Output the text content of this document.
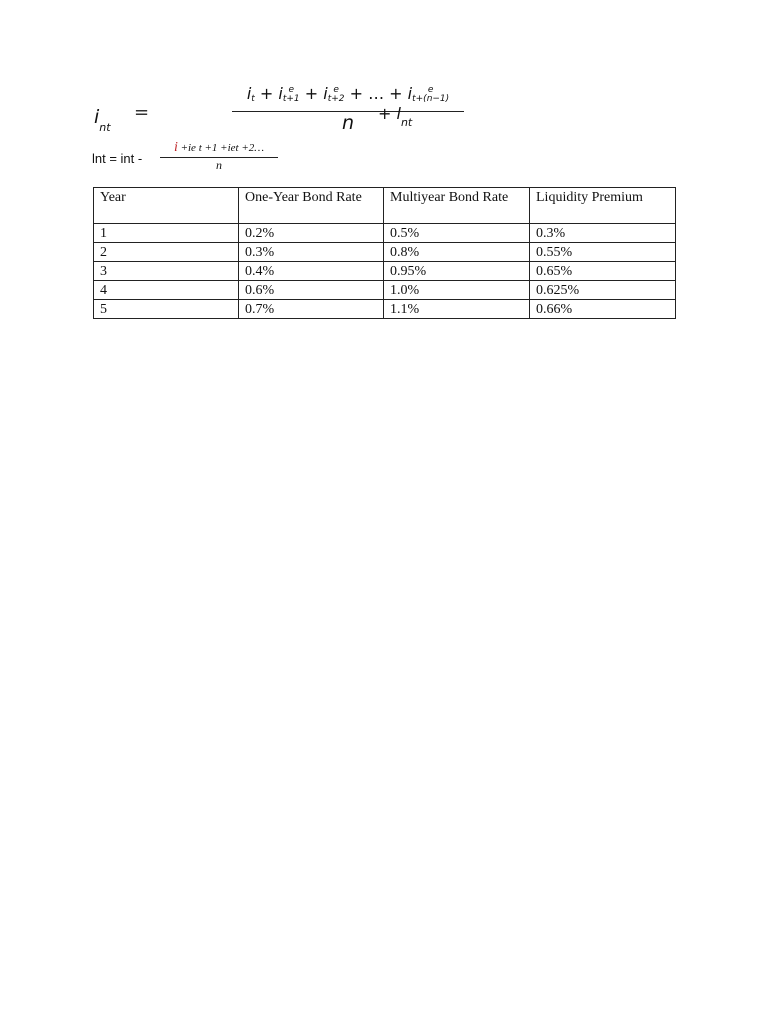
$i_{nt}$
=
i
t + i e
t+1 + i e
t+2 + … + i	e
t+(n−1)
n	+ $l_{nt}$
lnt = int -
i +ie t +1 +iet +2…
n
Year	One-Year Bond Rate	Multiyear Bond Rate	Liquidity Premium
1	0.2%	0.5%	0.3%
2	0.3%	0.8%	0.55%
3	0.4%	0.95%	0.65%
4	0.6%	1.0%	0.625%
5	0.7%	1.1%	0.66%
